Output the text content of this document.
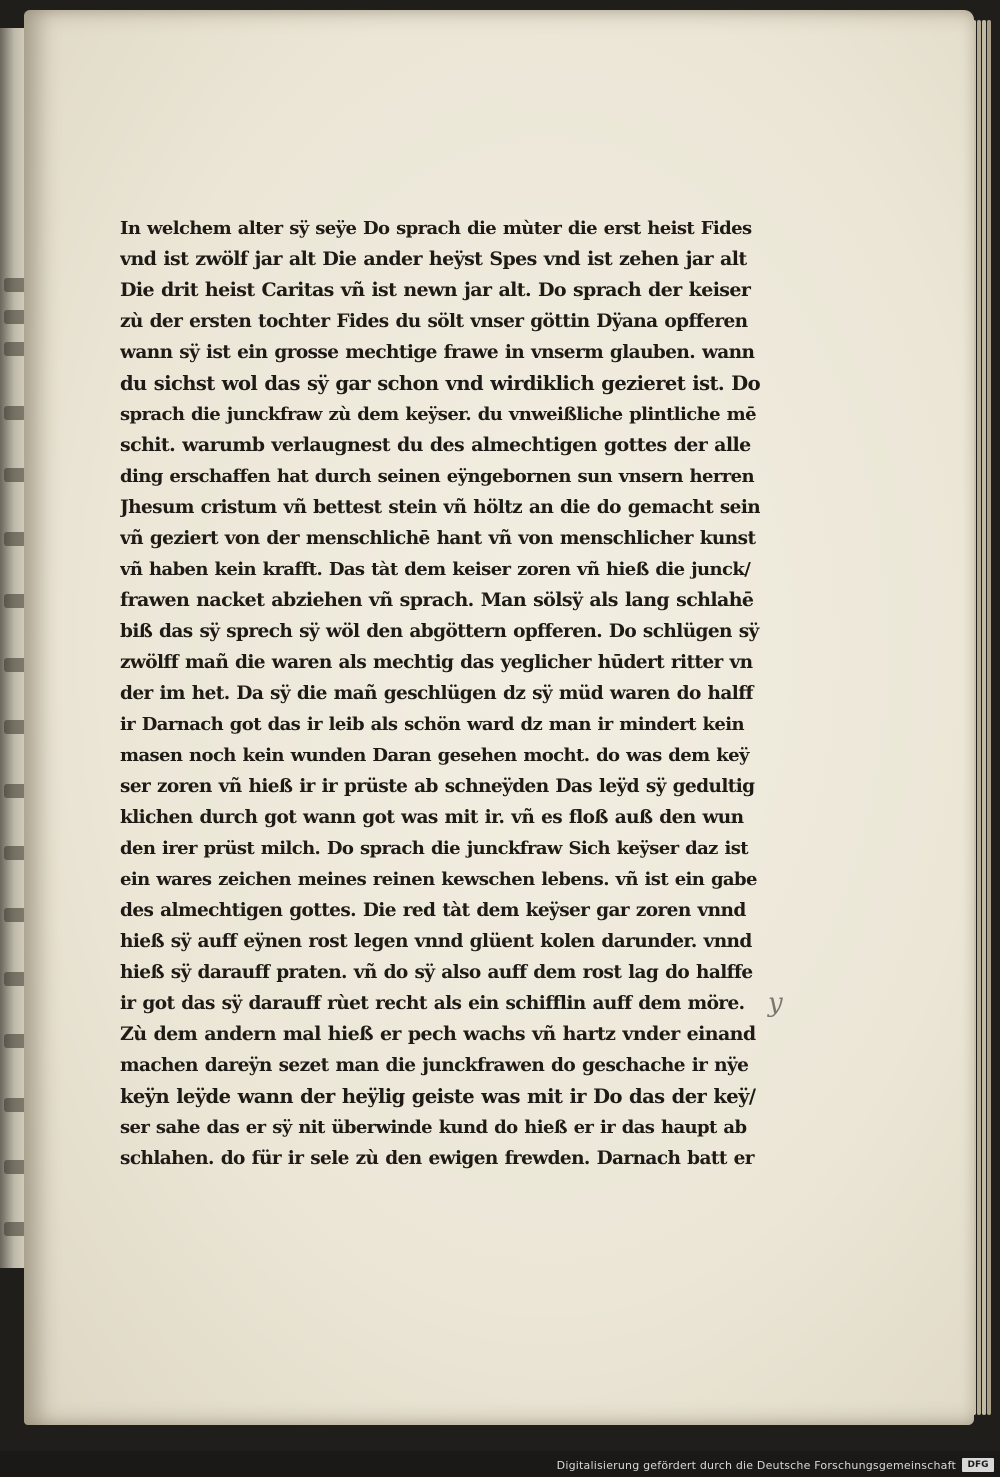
In welchem alter sÿ seÿe Do sprach die mùter die erst heist Fides
vnd ist zwölf jar alt Die ander heÿst Spes vnd ist zehen jar alt
Die drit heist Caritas vñ ist newn jar alt. Do sprach der keiser
zù der ersten tochter Fides du sölt vnser göttin Dÿana opfferen
wann sÿ ist ein grosse mechtige frawe in vnserm glauben. wann
du sichst wol das sÿ gar schon vnd wirdiklich gezieret ist. Do
sprach die junckfraw zù dem keÿser. du vnweißliche plintliche mē
schit. warumb verlaugnest du des almechtigen gottes der alle
ding erschaffen hat durch seinen eÿngebornen sun vnsern herren
Jhesum cristum vñ bettest stein vñ höltz an die do gemacht sein
vñ geziert von der menschlichē hant vñ von menschlicher kunst
vñ haben kein krafft. Das tàt dem keiser zoren vñ hieß die junck/
frawen nacket abziehen vñ sprach. Man sölsÿ als lang schlahē
biß das sÿ sprech sÿ wöl den abgöttern opfferen. Do schlügen sÿ
zwölff mañ die waren als mechtig das yeglicher hūdert ritter vn
der im het. Da sÿ die mañ geschlügen dz sÿ müd waren do halff
ir Darnach got das ir leib als schön ward dz man ir mindert kein
masen noch kein wunden Daran gesehen mocht. do was dem keÿ
ser zoren vñ hieß ir ir prüste ab schneÿden Das leÿd sÿ gedultig
klichen durch got wann got was mit ir. vñ es floß auß den wun
den irer prüst milch. Do sprach die junckfraw Sich keÿser daz ist
ein wares zeichen meines reinen kewschen lebens. vñ ist ein gabe
des almechtigen gottes. Die red tàt dem keÿser gar zoren vnnd
hieß sÿ auff eÿnen rost legen vnnd glüent kolen darunder. vnnd
hieß sÿ darauff praten. vñ do sÿ also auff dem rost lag do halffe
ir got das sÿ darauff rùet recht als ein schifflin auff dem möre.
Zù dem andern mal hieß er pech wachs vñ hartz vnder einand
machen dareÿn sezet man die junckfrawen do geschache ir nÿe
keÿn leÿde wann der heÿlig geiste was mit ir Do das der keÿ/
ser sahe das er sÿ nit überwinde kund do hieß er ir das haupt ab
schlahen. do für ir sele zù den ewigen frewden. Darnach batt er
y
Digitalisierung gefördert durch die Deutsche Forschungsgemeinschaft	DFG
